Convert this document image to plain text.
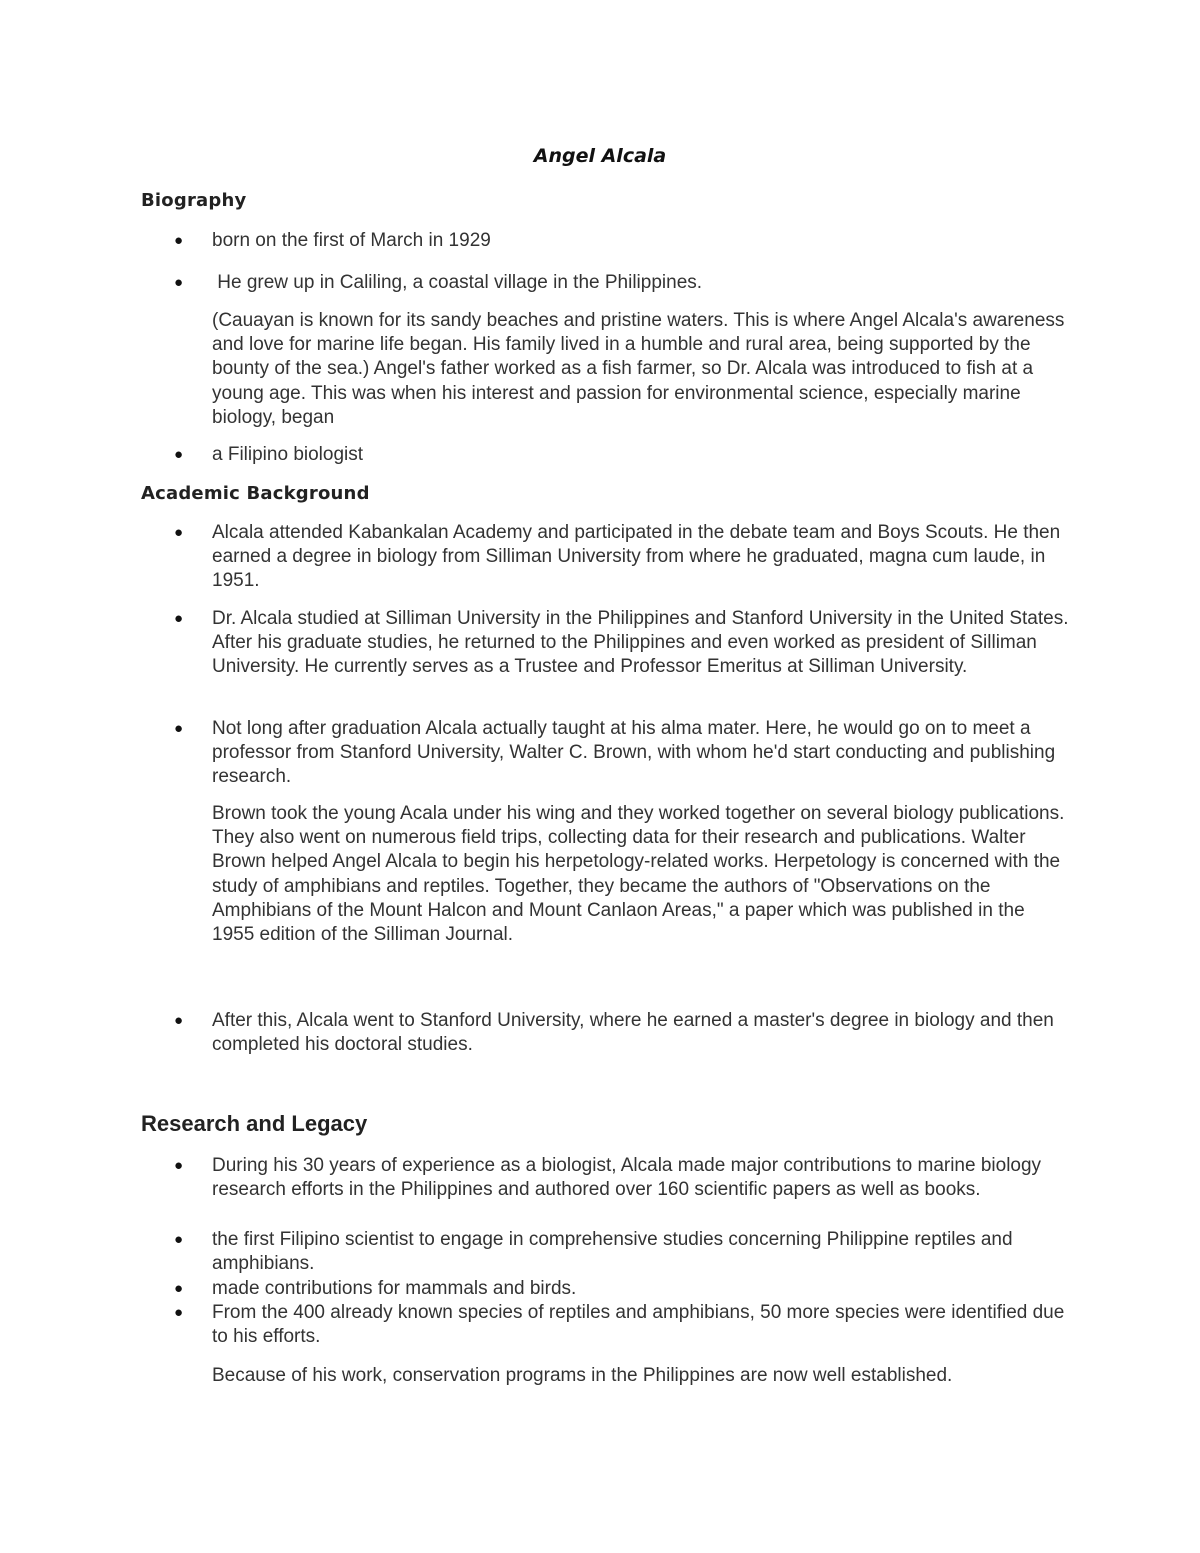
Angel Alcala
Biography
● born on the first of March in 1929
● He grew up in Caliling, a coastal village in the Philippines.
(Cauayan is known for its sandy beaches and pristine waters. This is where Angel Alcala's awareness and love for marine life began. His family lived in a humble and rural area, being supported by the bounty of the sea.) Angel's father worked as a fish farmer, so Dr. Alcala was introduced to fish at a young age. This was when his interest and passion for environmental science, especially marine biology, began
● a Filipino biologist
Academic Background
● Alcala attended Kabankalan Academy and participated in the debate team and Boys Scouts. He then earned a degree in biology from Silliman University from where he graduated, magna cum laude, in 1951.
● Dr. Alcala studied at Silliman University in the Philippines and Stanford University in the United States. After his graduate studies, he returned to the Philippines and even worked as president of Silliman University. He currently serves as a Trustee and Professor Emeritus at Silliman University.
● Not long after graduation Alcala actually taught at his alma mater. Here, he would go on to meet a professor from Stanford University, Walter C. Brown, with whom he'd start conducting and publishing research.
Brown took the young Acala under his wing and they worked together on several biology publications. They also went on numerous field trips, collecting data for their research and publications. Walter Brown helped Angel Alcala to begin his herpetology-related works. Herpetology is concerned with the study of amphibians and reptiles. Together, they became the authors of "Observations on the Amphibians of the Mount Halcon and Mount Canlaon Areas," a paper which was published in the 1955 edition of the Silliman Journal.
● After this, Alcala went to Stanford University, where he earned a master's degree in biology and then completed his doctoral studies.
Research and Legacy
● During his 30 years of experience as a biologist, Alcala made major contributions to marine biology research efforts in the Philippines and authored over 160 scientific papers as well as books.
● the first Filipino scientist to engage in comprehensive studies concerning Philippine reptiles and amphibians.
● made contributions for mammals and birds.
● From the 400 already known species of reptiles and amphibians, 50 more species were identified due to his efforts.
Because of his work, conservation programs in the Philippines are now well established.
